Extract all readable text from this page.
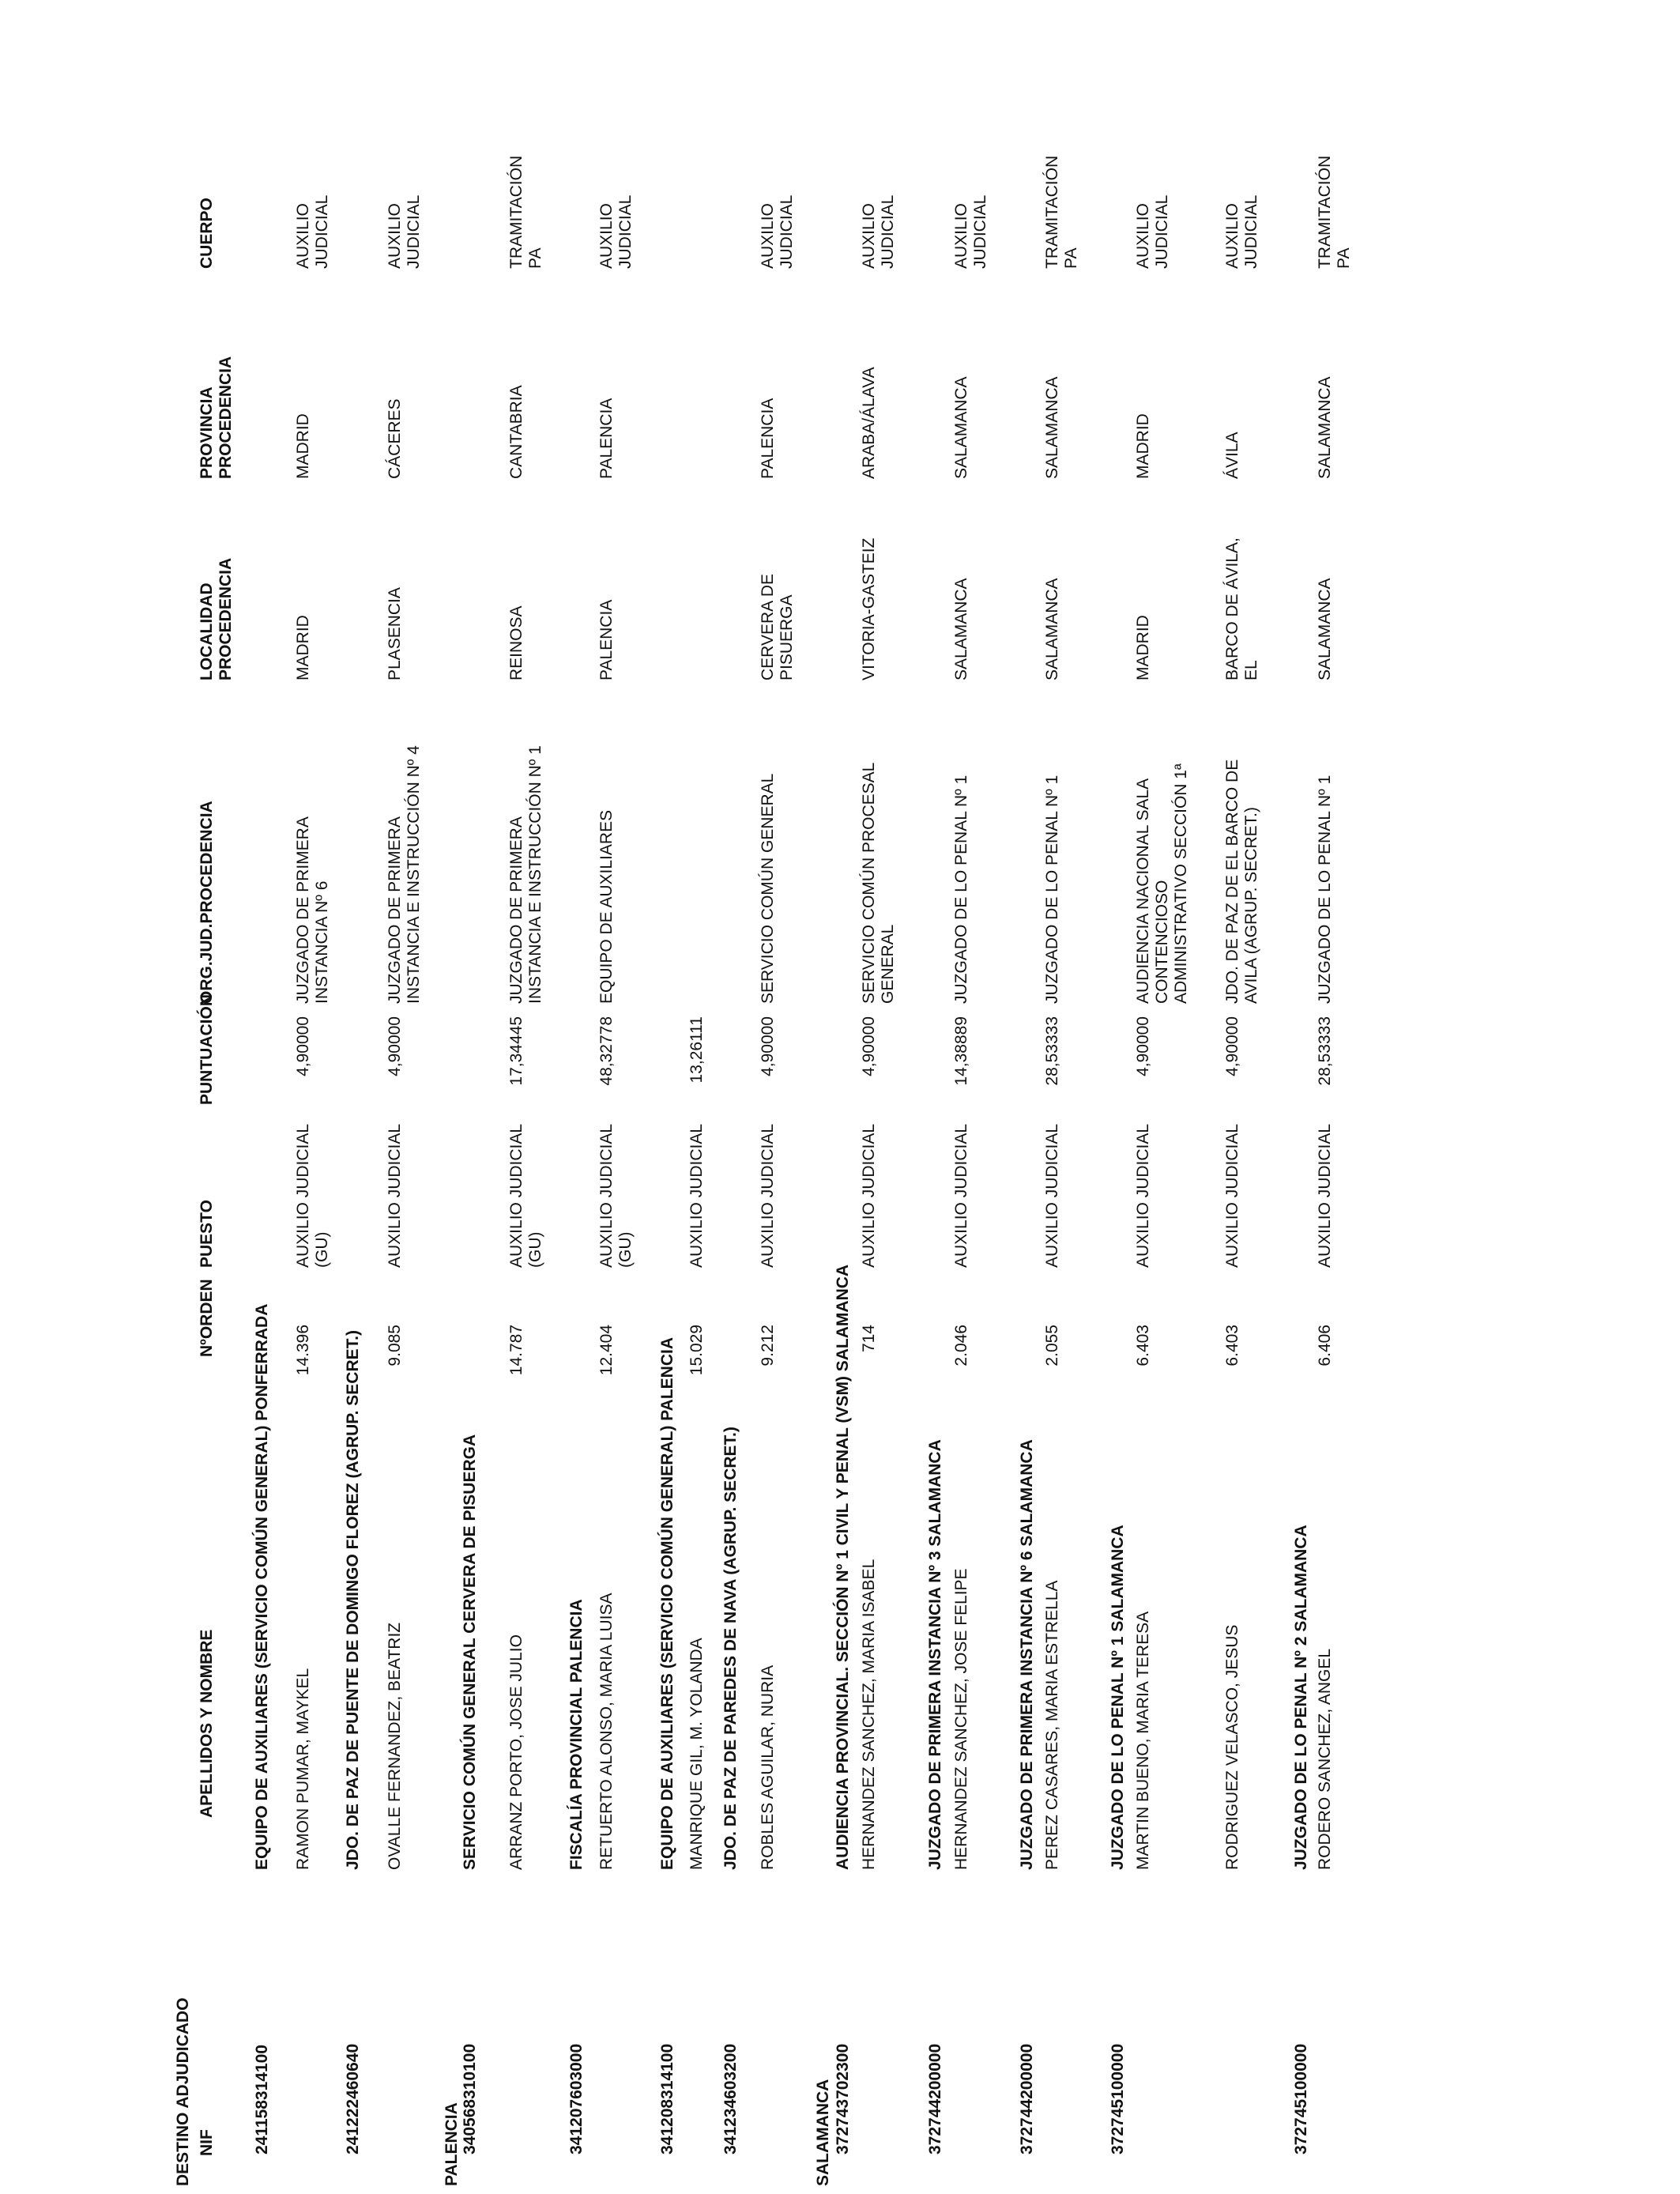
DESTINO ADJUDICADO NIF
APELLIDOS Y NOMBRE
NºORDEN
PUESTO
PUNTUACIÓN
ORG.JUD.PROCEDENCIA
LOCALIDAD
PROCEDENCIA
PROVINCIA
PROCEDENCIA
CUERPO
PALENCIA	SALAMANCA
241158314100
EQUIPO DE AUXILIARES (SERVICIO COMÚN GENERAL) PONFERRADA RAMON PUMAR, MAYKEL
14.396
AUXILIO JUDICIAL
(GU)
4,90000
JUZGADO DE PRIMERA
INSTANCIA Nº 6
MADRID
MADRID
AUXILIO
JUDICIAL
241222460640
JDO. DE PAZ DE PUENTE DE DOMINGO FLOREZ (AGRUP. SECRET.) OVALLE FERNANDEZ, BEATRIZ
9.085
AUXILIO JUDICIAL
4,90000
JUZGADO DE PRIMERA
INSTANCIA E INSTRUCCIÓN Nº 4
PLASENCIA
CÁCERES
AUXILIO
JUDICIAL
340568310100
SERVICIO COMÚN GENERAL CERVERA DE PISUERGA ARRANZ PORTO, JOSE JULIO
14.787
AUXILIO JUDICIAL
(GU)
17,34445
JUZGADO DE PRIMERA
INSTANCIA E INSTRUCCIÓN Nº 1
REINOSA
CANTABRIA
TRAMITACIÓN
PA
341207603000
FISCALÍA PROVINCIAL PALENCIA RETUERTO ALONSO, MARIA LUISA
12.404
AUXILIO JUDICIAL
(GU)
48,32778
EQUIPO DE AUXILIARES
PALENCIA
PALENCIA
AUXILIO
JUDICIAL
341208314100
EQUIPO DE AUXILIARES (SERVICIO COMÚN GENERAL) PALENCIA MANRIQUE GIL, M. YOLANDA
15.029
AUXILIO JUDICIAL
13,26111
341234603200
JDO. DE PAZ DE PAREDES DE NAVA (AGRUP. SECRET.) ROBLES AGUILAR, NURIA
9.212
AUXILIO JUDICIAL
4,90000
SERVICIO COMÚN GENERAL
CERVERA DE
PISUERGA
PALENCIA
AUXILIO
JUDICIAL
372743702300
AUDIENCIA PROVINCIAL. SECCIÓN Nº 1 CIVIL Y PENAL (VSM) SALAMANCA HERNANDEZ SANCHEZ, MARIA ISABEL
714
AUXILIO JUDICIAL
4,90000
SERVICIO COMÚN PROCESAL
GENERAL
VITORIA-GASTEIZ
ARABA/ÁLAVA
AUXILIO
JUDICIAL
372744200000
JUZGADO DE PRIMERA INSTANCIA Nº 3 SALAMANCA HERNANDEZ SANCHEZ, JOSE FELIPE
2.046
AUXILIO JUDICIAL
14,38889
JUZGADO DE LO PENAL Nº 1
SALAMANCA
SALAMANCA
AUXILIO
JUDICIAL
372744200000
JUZGADO DE PRIMERA INSTANCIA Nº 6 SALAMANCA PEREZ CASARES, MARIA ESTRELLA
2.055
AUXILIO JUDICIAL
28,53333
JUZGADO DE LO PENAL Nº 1
SALAMANCA
SALAMANCA
TRAMITACIÓN
PA
372745100000
JUZGADO DE LO PENAL Nº 1 SALAMANCA MARTIN BUENO, MARIA TERESA
6.403
AUXILIO JUDICIAL
4,90000
AUDIENCIA NACIONAL SALA
CONTENCIOSO
ADMINISTRATIVO SECCIÓN 1ª
MADRID
MADRID
AUXILIO
JUDICIAL
RODRIGUEZ VELASCO, JESUS
6.403
AUXILIO JUDICIAL
4,90000
JDO. DE PAZ DE EL BARCO DE
AVILA (AGRUP. SECRET.)
BARCO DE ÁVILA,
EL
ÁVILA
AUXILIO
JUDICIAL
372745100000
JUZGADO DE LO PENAL Nº 2 SALAMANCA RODERO SANCHEZ, ANGEL
6.406
AUXILIO JUDICIAL
28,53333
JUZGADO DE LO PENAL Nº 1
SALAMANCA
SALAMANCA
TRAMITACIÓN
PA
